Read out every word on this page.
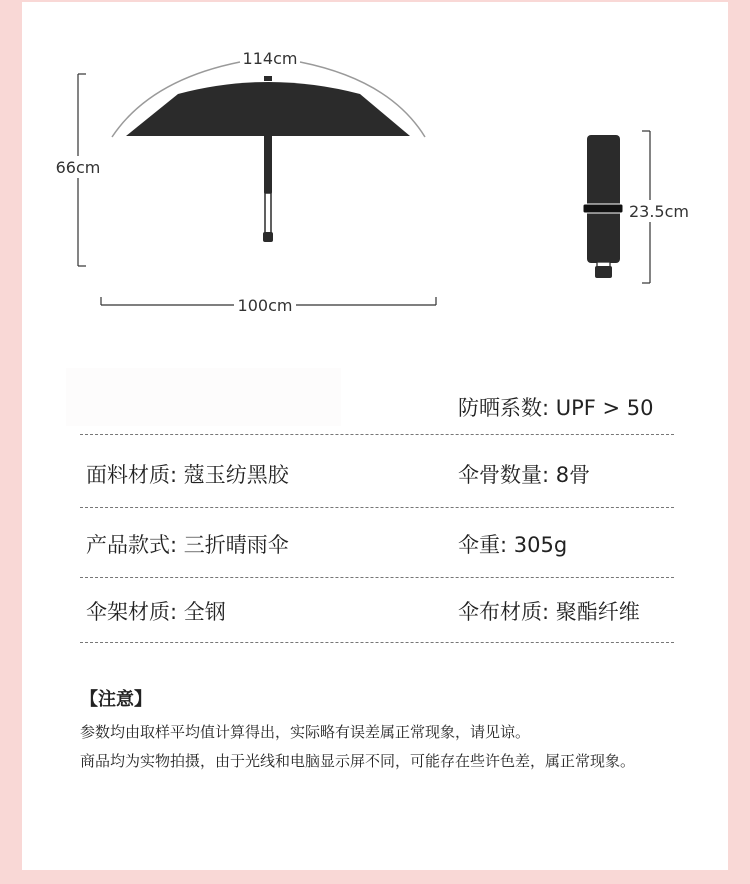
114cm
66cm
100cm
23.5cm
防晒系数: UPF > 50
面料材质: 蔻玉纺黑胶	伞骨数量: 8骨
产品款式: 三折晴雨伞	伞重: 305g
伞架材质: 全钢	伞布材质: 聚酯纤维
【注意】
参数均由取样平均值计算得出，实际略有误差属正常现象，请见谅。
商品均为实物拍摄，由于光线和电脑显示屏不同，可能存在些许色差，属正常现象。
